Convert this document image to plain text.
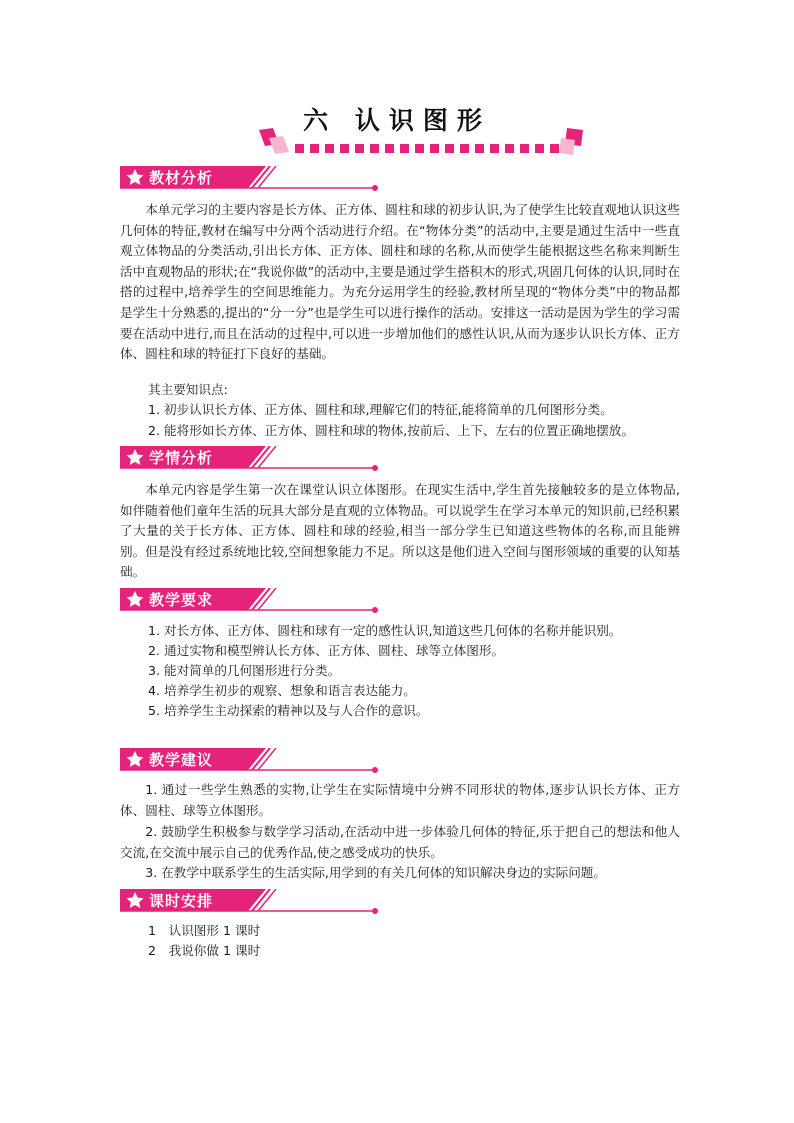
六 认识图形
教材分析

本单元学习的主要内容是长方体、正方体、圆柱和球的初步认识,为了使学生比较直观地认识这些几何体的特征,教材在编写中分两个活动进行介绍。在“物体分类”的活动中,主要是通过生活中一些直观立体物品的分类活动,引出长方体、正方体、圆柱和球的名称,从而使学生能根据这些名称来判断生活中直观物品的形状;在“我说你做”的活动中,主要是通过学生搭积木的形式,巩固几何体的认识,同时在搭的过程中,培养学生的空间思维能力。为充分运用学生的经验,教材所呈现的“物体分类”中的物品都是学生十分熟悉的,提出的“分一分”也是学生可以进行操作的活动。安排这一活动是因为学生的学习需要在活动中进行,而且在活动的过程中,可以进一步增加他们的感性认识,从而为逐步认识长方体、正方体、圆柱和球的特征打下良好的基础。

其主要知识点:
1. 初步认识长方体、正方体、圆柱和球,理解它们的特征,能将简单的几何图形分类。
2. 能将形如长方体、正方体、圆柱和球的物体,按前后、上下、左右的位置正确地摆放。
学情分析

本单元内容是学生第一次在课堂认识立体图形。在现实生活中,学生首先接触较多的是立体物品,如伴随着他们童年生活的玩具大部分是直观的立体物品。可以说学生在学习本单元的知识前,已经积累了大量的关于长方体、正方体、圆柱和球的经验,相当一部分学生已知道这些物体的名称,而且能辨别。但是没有经过系统地比较,空间想象能力不足。所以这是他们进入空间与图形领域的重要的认知基础。

教学要求
1. 对长方体、正方体、圆柱和球有一定的感性认识,知道这些几何体的名称并能识别。
2. 通过实物和模型辨认长方体、正方体、圆柱、球等立体图形。
3. 能对简单的几何图形进行分类。
4. 培养学生初步的观察、想象和语言表达能力。
5. 培养学生主动探索的精神以及与人合作的意识。
教学建议

1. 通过一些学生熟悉的实物,让学生在实际情境中分辨不同形状的物体,逐步认识长方体、正方体、圆柱、球等立体图形。

2. 鼓励学生积极参与数学学习活动,在活动中进一步体验几何体的特征,乐于把自己的想法和他人交流,在交流中展示自己的优秀作品,使之感受成功的快乐。

3. 在教学中联系学生的生活实际,用学到的有关几何体的知识解决身边的实际问题。

课时安排
1　认识图形 1 课时
2　我说你做 1 课时
